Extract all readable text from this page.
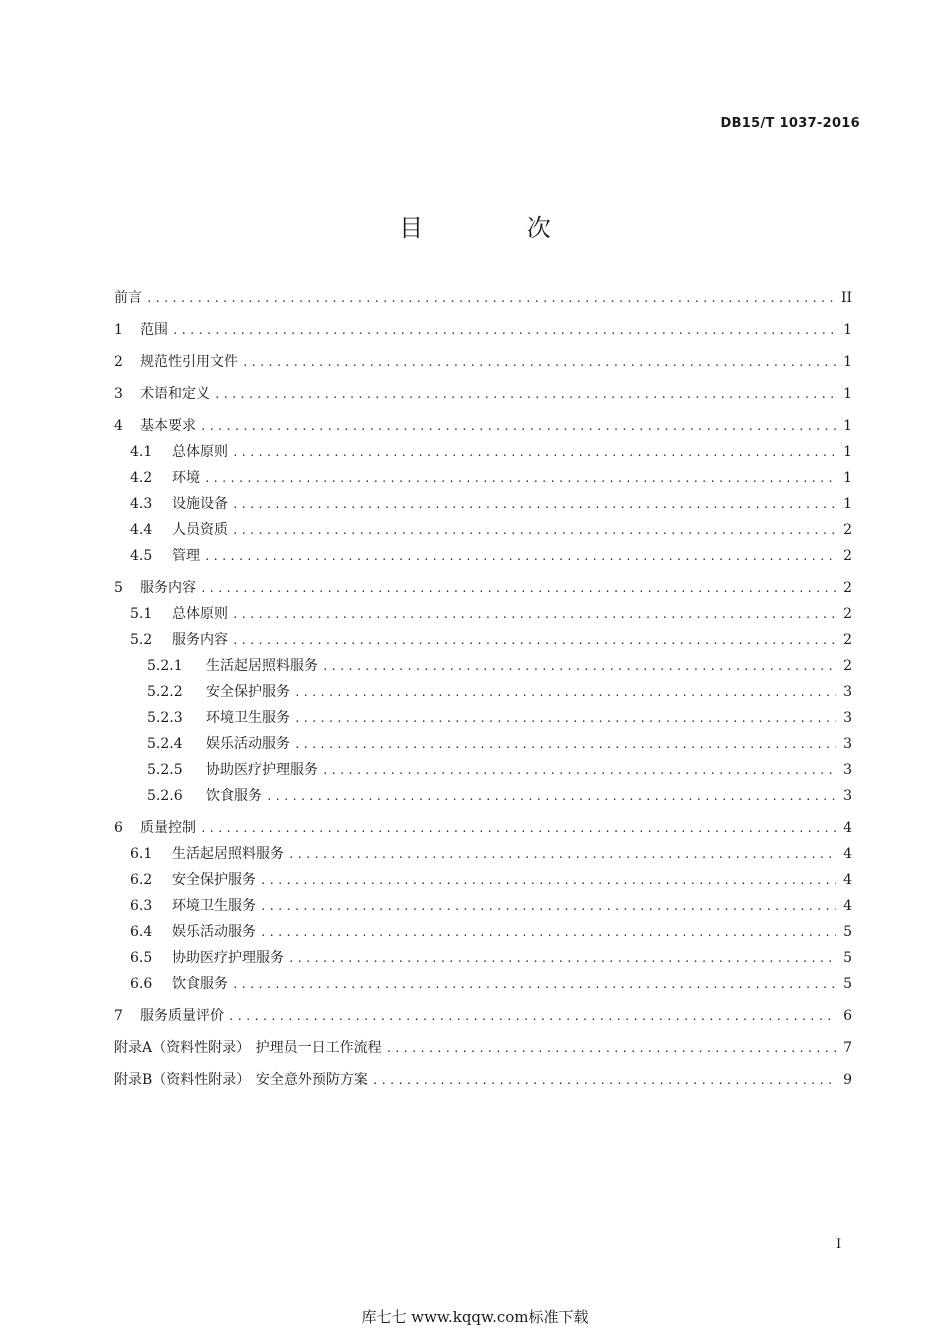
DB15/T 1037-2016
目 次
前言 .....	II
1	范围 .....	1
2	规范性引用文件 .....	1
3	术语和定义 .....	1
4	基本要求 .....	1
4.1	总体原则 .....	1
4.2	环境 .....	1
4.3	设施设备 .....	1
4.4	人员资质 .....	2
4.5	管理 .....	2
5	服务内容 .....	2
5.1	总体原则 .....	2
5.2	服务内容 .....	2
5.2.1	生活起居照料服务 .....	2
5.2.2	安全保护服务 .....	3
5.2.3	环境卫生服务 .....	3
5.2.4	娱乐活动服务 .....	3
5.2.5	协助医疗护理服务 .....	3
5.2.6	饮食服务 .....	3
6	质量控制 .....	4
6.1	生活起居照料服务 .....	4
6.2	安全保护服务 .....	4
6.3	环境卫生服务 .....	4
6.4	娱乐活动服务 .....	5
6.5	协助医疗护理服务 .....	5
6.6	饮食服务 .....	5
7	服务质量评价 .....	6
附录A（资料性附录） 护理员一日工作流程 .....	7
附录B（资料性附录） 安全意外预防方案 .....	9
I
库七七 www.kqqw.com标准下载
